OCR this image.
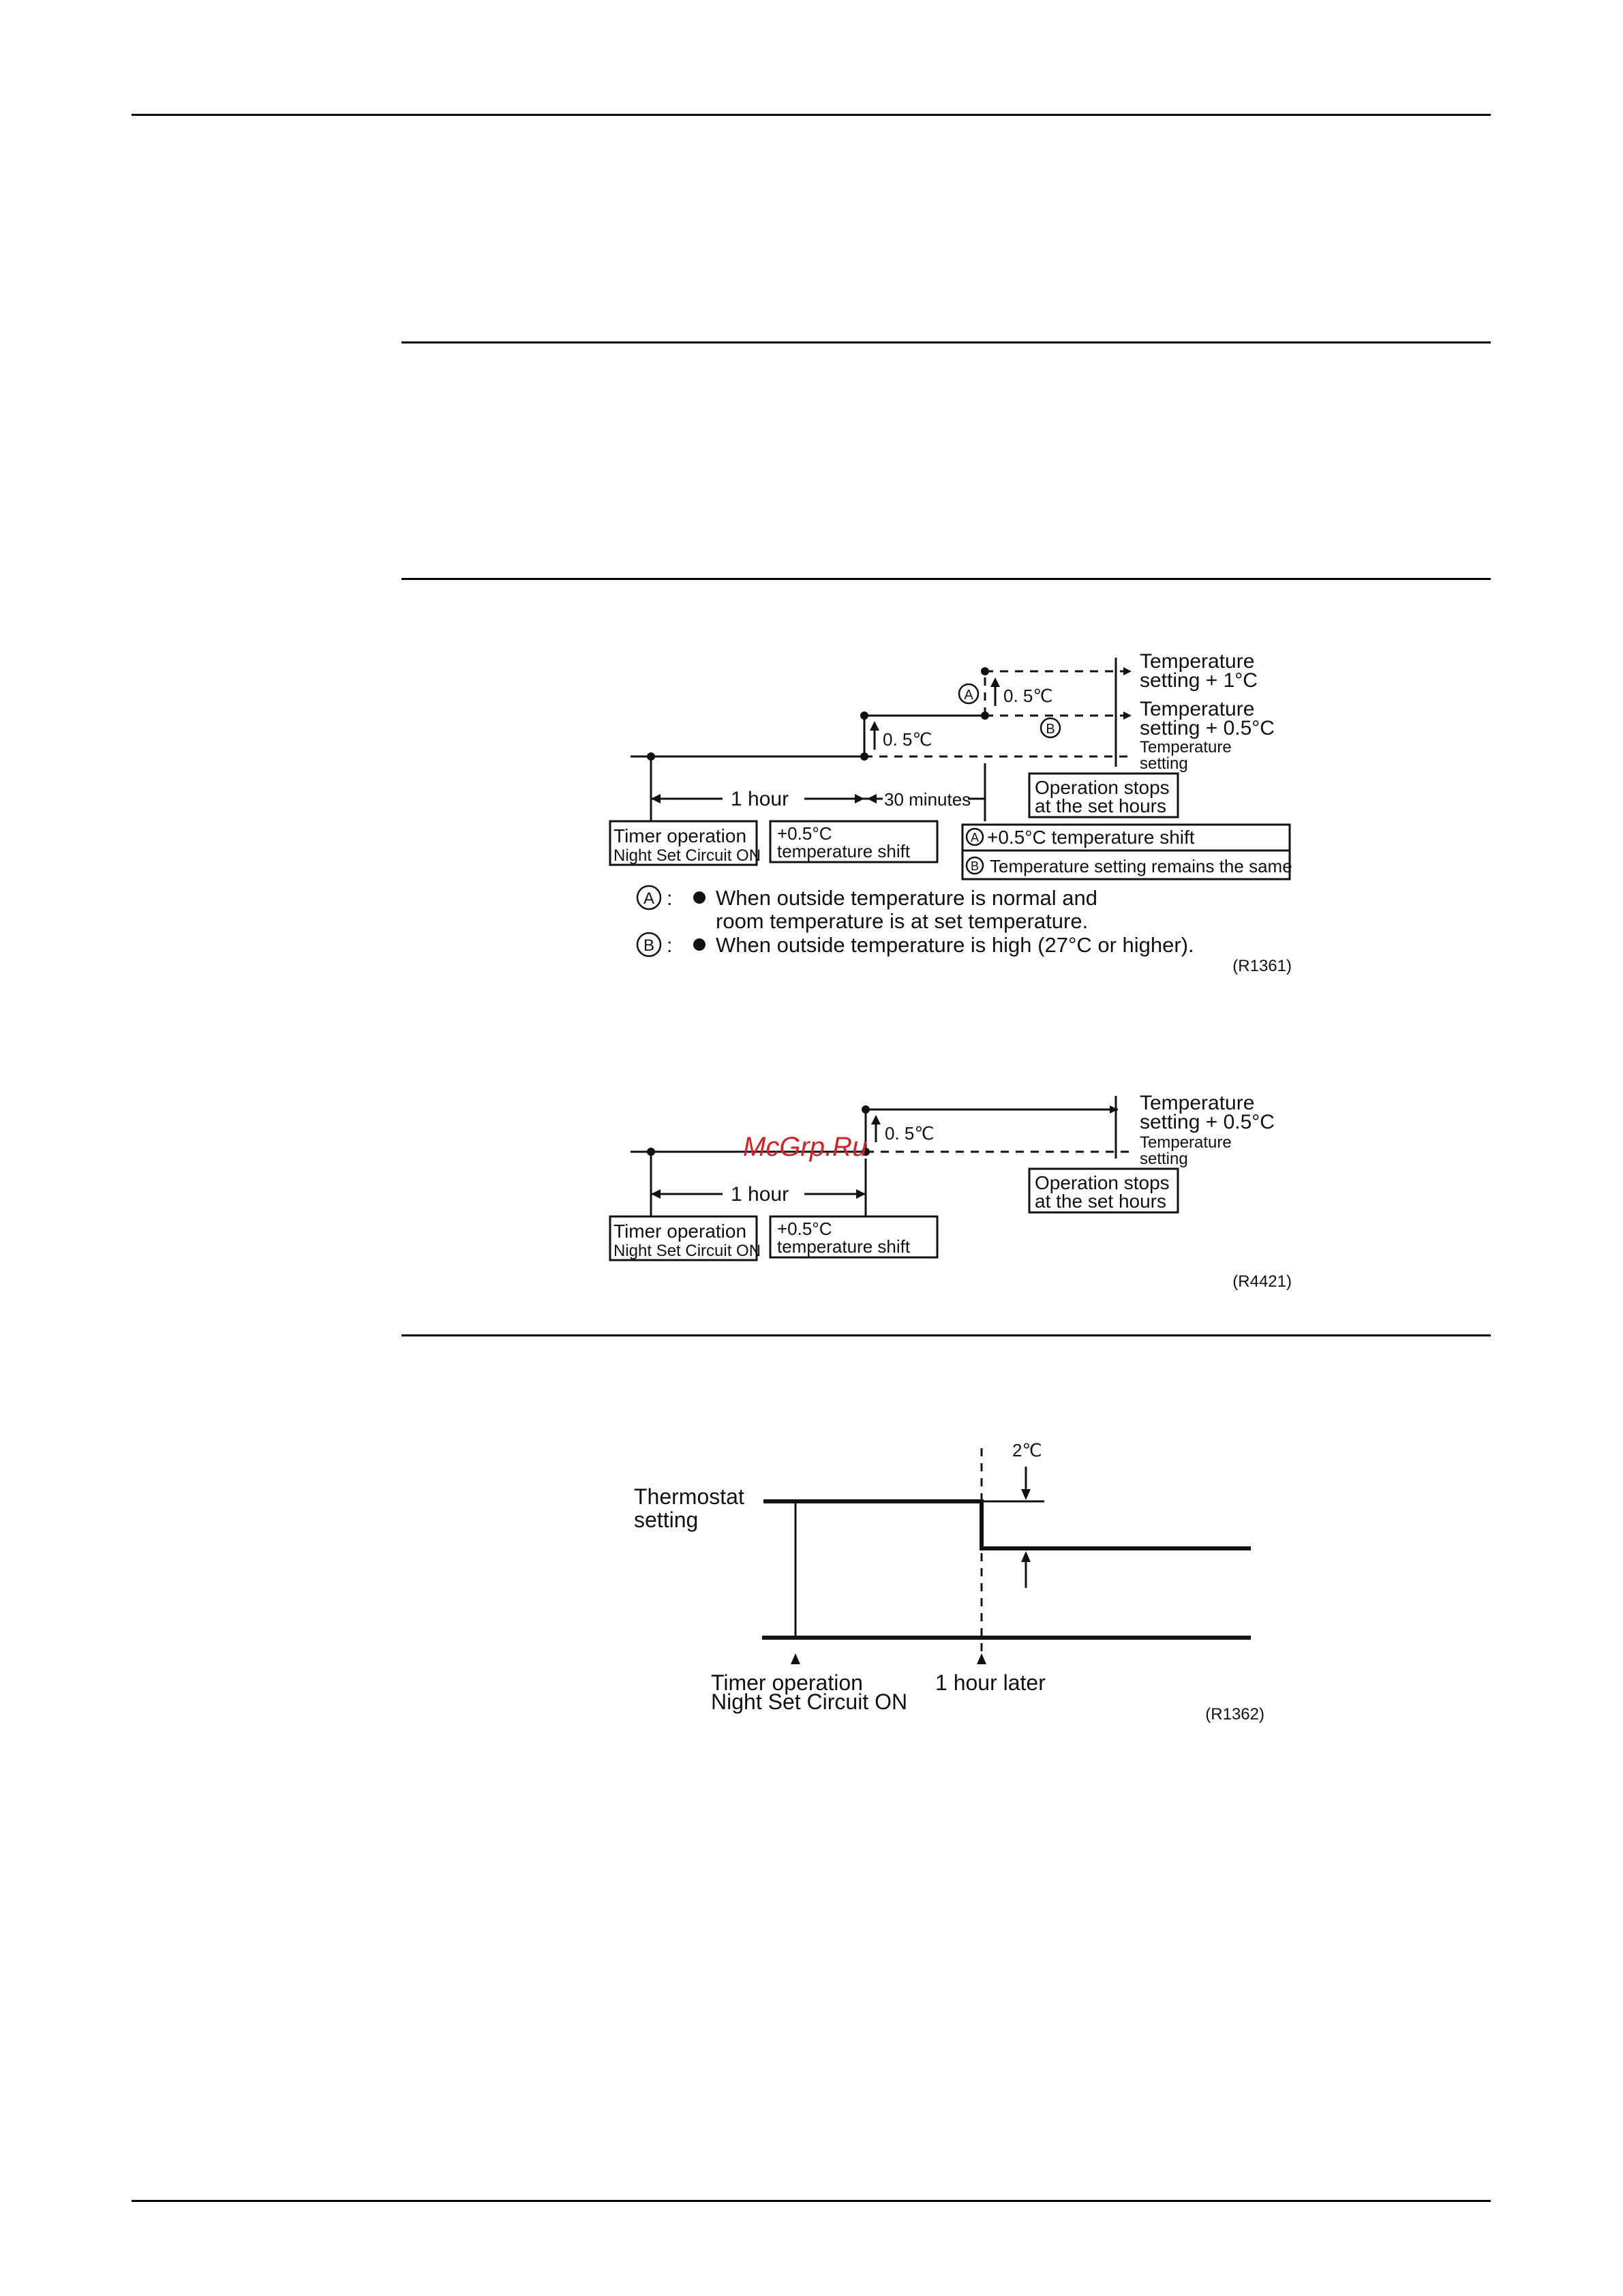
0. 5℃
0. 5℃
A
B
Temperature setting + 1°C
Temperature setting + 0.5°C
Temperature setting
1 hour	30 minutes
Timer operation Night Set Circuit ON
+0.5°C temperature shift
Operation stops at the set hours
A +0.5°C temperature shift
B Temperature setting remains the same
A : When outside temperature is normal and
room temperature is at set temperature.
B : When outside temperature is high (27°C or higher).
(R1361)
0. 5℃
McGrp.Ru
Temperature setting + 0.5°C
Temperature setting
1 hour
Timer operation Night Set Circuit ON
+0.5°C temperature shift
Operation stops at the set hours
(R4421)
Thermostat setting
2℃
Timer operation Night Set Circuit ON
1 hour later
(R1362)
